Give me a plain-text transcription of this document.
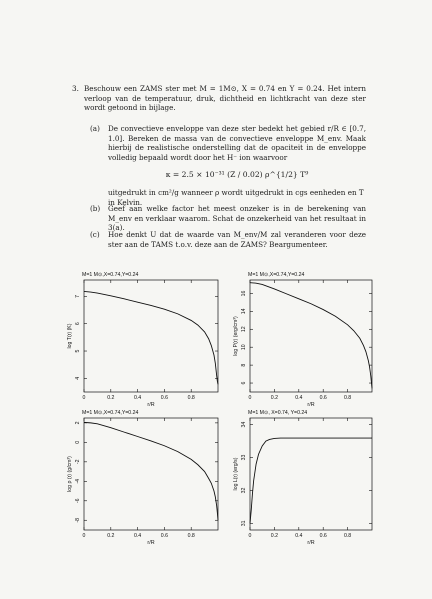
3. Beschouw een ZAMS ster met M = 1M⊙, X = 0.74 en Y = 0.24. Het intern verloop van de temperatuur, druk, dichtheid en lichtkracht van deze ster wordt getoond in bijlage.
(a) De convectieve enveloppe van deze ster bedekt het gebied r/R ∈ [0.7, 1.0]. Bereken de massa van de convectieve enveloppe M_env. Maak hierbij de realistische onderstelling dat de opaciteit in de enveloppe volledig bepaald wordt door het H⁻ ion waarvoor
κ = 2.5 × 10⁻³¹ (Z / 0.02) ρ^{1/2} T⁹
uitgedrukt in cm²/g wanneer ρ wordt uitgedrukt in cgs eenheden en T in Kelvin.
(b) Geef aan welke factor het meest onzeker is in de berekening van M_env en verklaar waarom. Schat de onzekerheid van het resultaat in 3(a).
(c) Hoe denkt U dat de waarde van M_env/M zal veranderen voor deze ster aan de TAMS t.o.v. deze aan de ZAMS? Beargumenteer.
M=1 M⊙,X=0.74,Y=0.24
0	0.2	0.4	0.6	0.8
r/R
4
5
6
7
log T(r) (K)
M=1 M⊙,X=0.74,Y=0.24
0	0.2	0.4	0.6	0.8
r/R
6
8
10
12
14
16
log P(r) (erg/cm³)
M=1 M⊙,X=0.74,Y=0.24
0	0.2	0.4	0.6	0.8
r/R
-8
-6
-4
-2
0
2
log ρ (r) (g/cm³)
M=1 M⊙, X=0.74, Y=0.24
0	0.2	0.4	0.6	0.8
r/R
31
32
33
34
log L(r) (erg/s)
